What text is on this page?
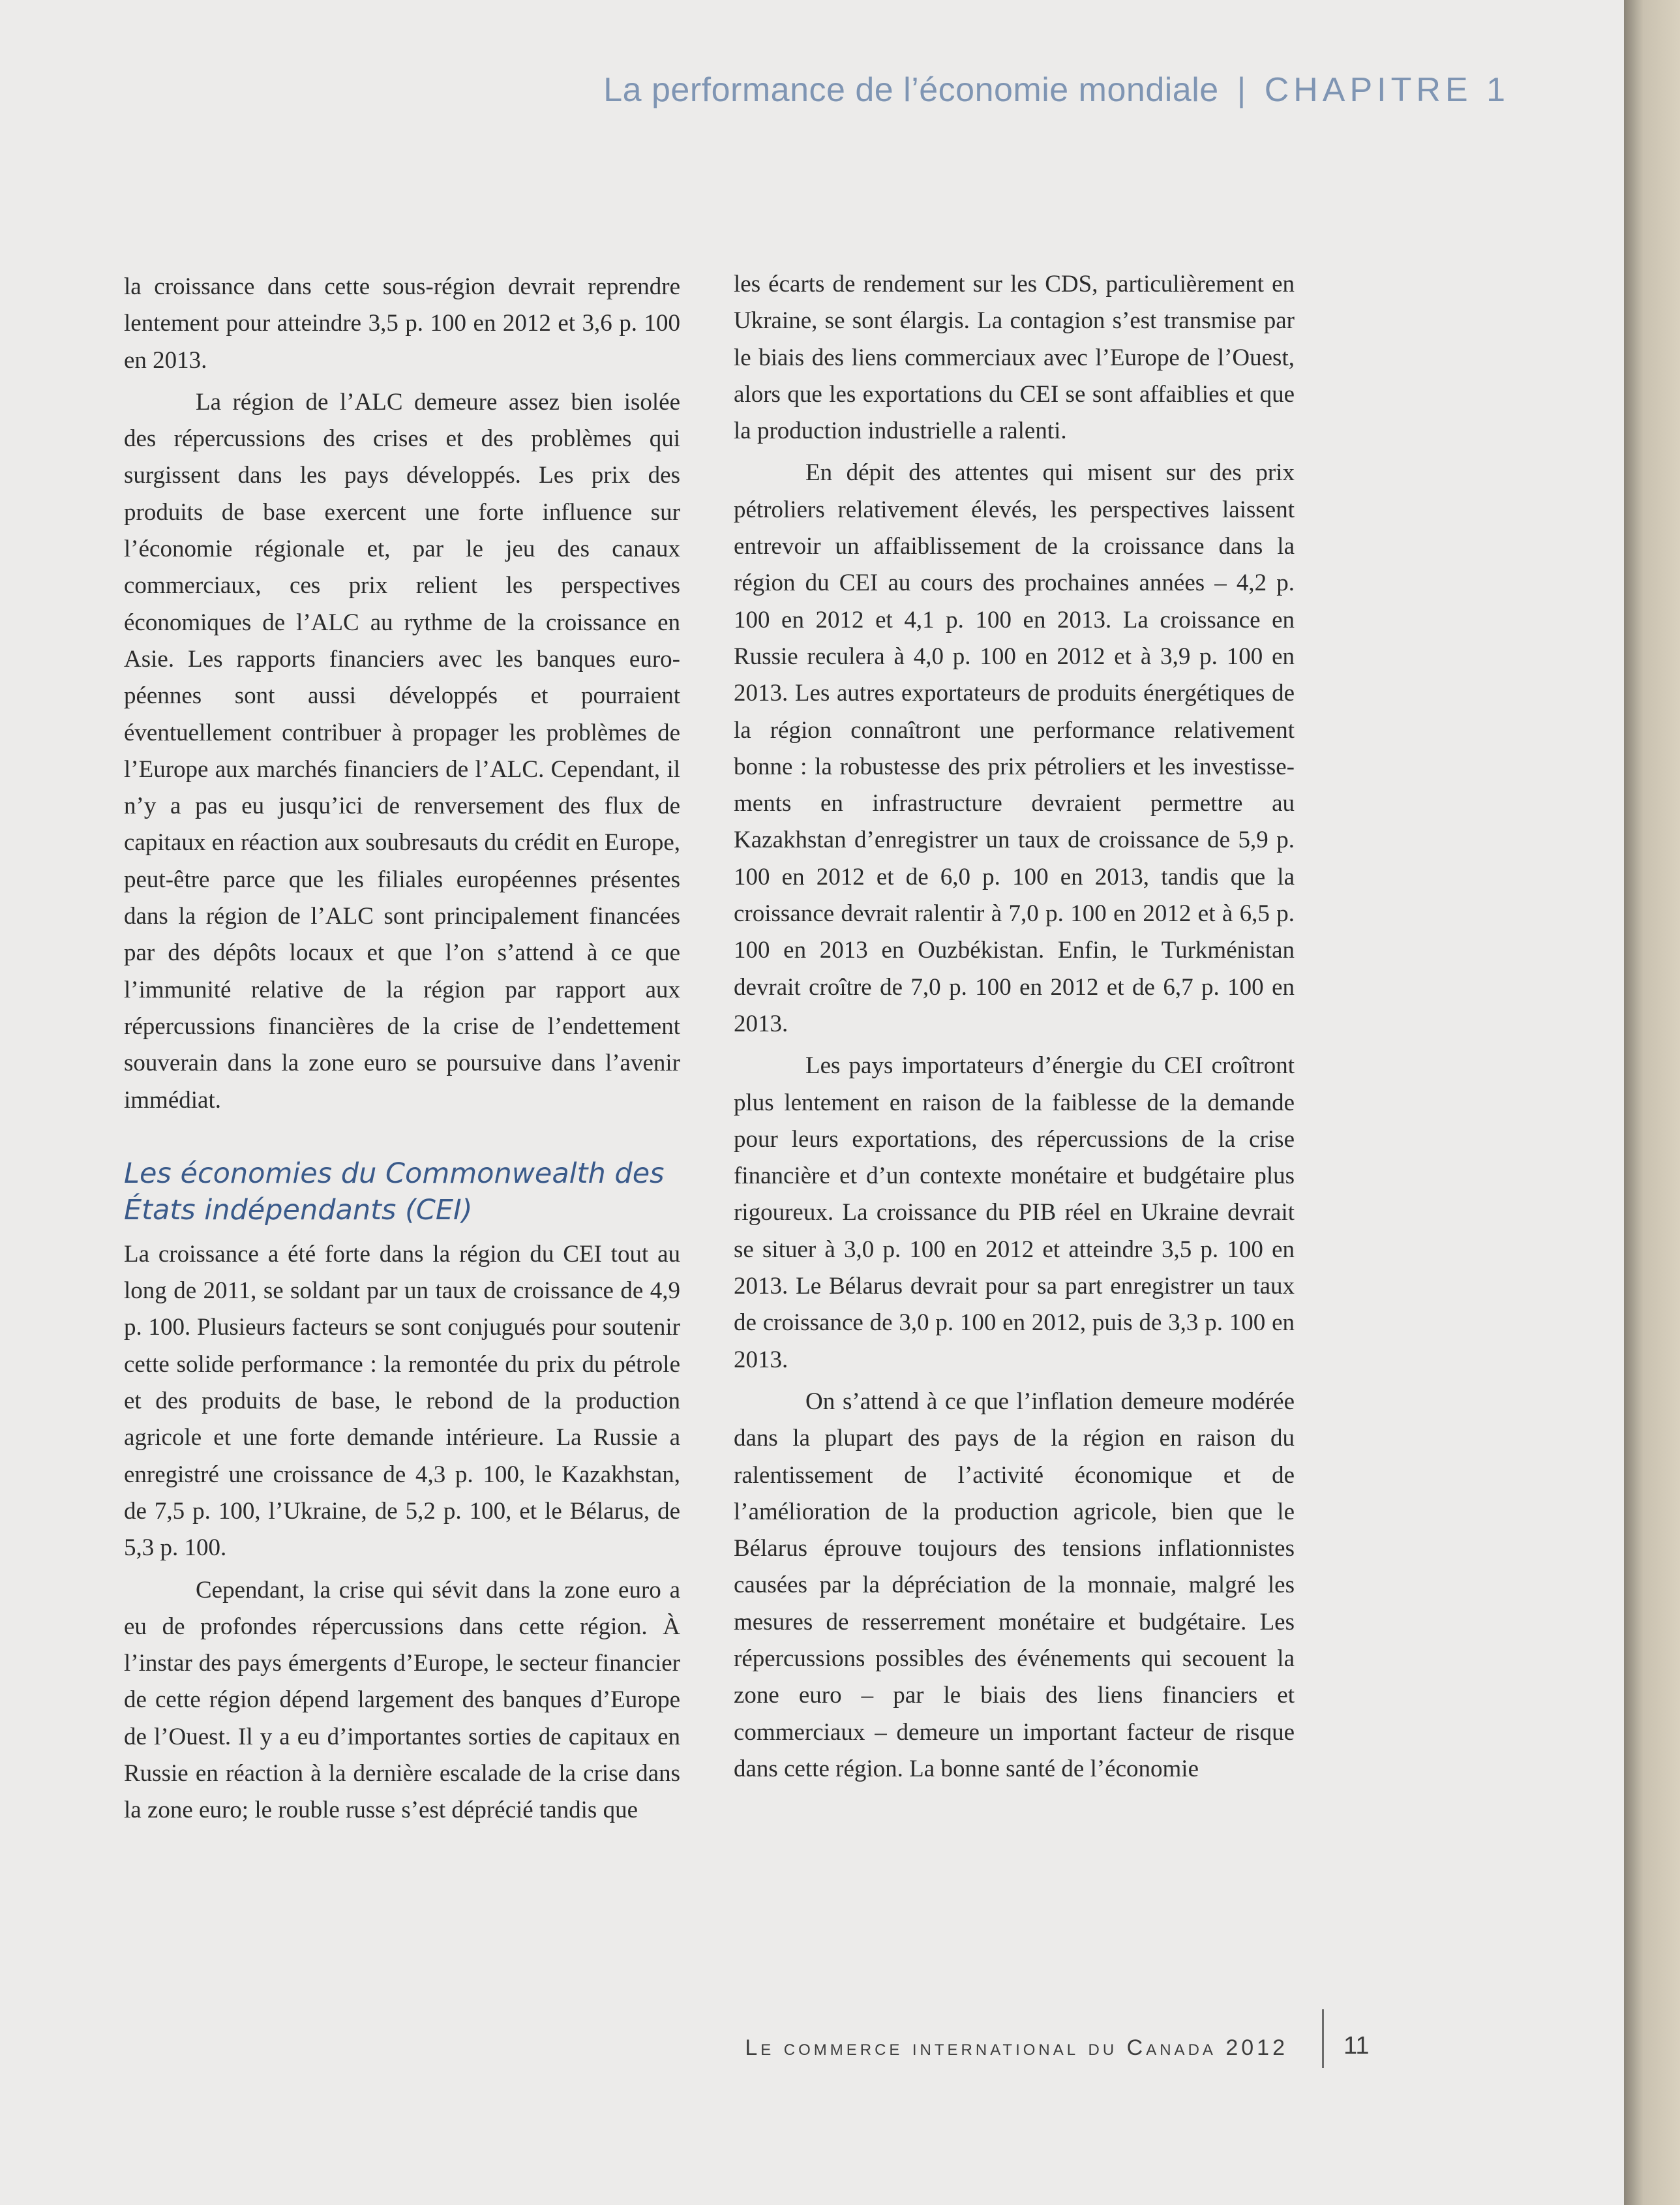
La performance de l’économie mondiale | CHAPITRE 1

la croissance dans cette sous-région devrait reprendre lentement pour atteindre 3,5 p. 100 en 2012 et 3,6 p. 100 en 2013.

La région de l’ALC demeure assez bien isolée des répercussions des crises et des problèmes qui surgissent dans les pays développés. Les prix des produits de base exercent une forte influence sur l’économie régionale et, par le jeu des canaux commerciaux, ces prix relient les perspectives économiques de l’ALC au rythme de la croissance en Asie. Les rapports financiers avec les banques européennes sont aussi développés et pourraient éventuellement contribuer à propager les problèmes de l’Europe aux marchés financiers de l’ALC. Cependant, il n’y a pas eu jusqu’ici de renversement des flux de capitaux en réaction aux soubresauts du crédit en Europe, peut-être parce que les filiales européennes présentes dans la région de l’ALC sont principalement financées par des dépôts locaux et que l’on s’attend à ce que l’immunité relative de la région par rapport aux répercussions financières de la crise de l’endettement souverain dans la zone euro se poursuive dans l’avenir immédiat.

Les économies du Commonwealth des États indépendants (CEI)

La croissance a été forte dans la région du CEI tout au long de 2011, se soldant par un taux de croissance de 4,9 p. 100. Plusieurs facteurs se sont conjugués pour soutenir cette solide performance : la remontée du prix du pétrole et des produits de base, le rebond de la production agricole et une forte demande intérieure. La Russie a enregistré une croissance de 4,3 p. 100, le Kazakhstan, de 7,5 p. 100, l’Ukraine, de 5,2 p. 100, et le Bélarus, de 5,3 p. 100.

Cependant, la crise qui sévit dans la zone euro a eu de profondes répercussions dans cette région. À l’instar des pays émergents d’Europe, le secteur financier de cette région dépend largement des banques d’Europe de l’Ouest. Il y a eu d’importantes sorties de capitaux en Russie en réaction à la dernière escalade de la crise dans la zone euro; le rouble russe s’est déprécié tandis que

les écarts de rendement sur les CDS, particulièrement en Ukraine, se sont élargis. La contagion s’est transmise par le biais des liens commerciaux avec l’Europe de l’Ouest, alors que les exportations du CEI se sont affaiblies et que la production industrielle a ralenti.

En dépit des attentes qui misent sur des prix pétroliers relativement élevés, les perspectives laissent entrevoir un affaiblissement de la croissance dans la région du CEI au cours des prochaines années – 4,2 p. 100 en 2012 et 4,1 p. 100 en 2013. La croissance en Russie reculera à 4,0 p. 100 en 2012 et à 3,9 p. 100 en 2013. Les autres exportateurs de produits énergétiques de la région connaîtront une performance relativement bonne : la robustesse des prix pétroliers et les investissements en infrastructure devraient permettre au Kazakhstan d’enregistrer un taux de croissance de 5,9 p. 100 en 2012 et de 6,0 p. 100 en 2013, tandis que la croissance devrait ralentir à 7,0 p. 100 en 2012 et à 6,5 p. 100 en 2013 en Ouzbékistan. Enfin, le Turkménistan devrait croître de 7,0 p. 100 en 2012 et de 6,7 p. 100 en 2013.

Les pays importateurs d’énergie du CEI croîtront plus lentement en raison de la faiblesse de la demande pour leurs exportations, des répercussions de la crise financière et d’un contexte monétaire et budgétaire plus rigoureux. La croissance du PIB réel en Ukraine devrait se situer à 3,0 p. 100 en 2012 et atteindre 3,5 p. 100 en 2013. Le Bélarus devrait pour sa part enregistrer un taux de croissance de 3,0 p. 100 en 2012, puis de 3,3 p. 100 en 2013.

On s’attend à ce que l’inflation demeure modérée dans la plupart des pays de la région en raison du ralentissement de l’activité économique et de l’amélioration de la production agricole, bien que le Bélarus éprouve toujours des tensions inflationnistes causées par la dépréciation de la monnaie, malgré les mesures de resserrement monétaire et budgétaire. Les répercussions possibles des événements qui secouent la zone euro – par le biais des liens financiers et commerciaux – demeure un important facteur de risque dans cette région. La bonne santé de l’économie

Le commerce international du Canada 2012 11
